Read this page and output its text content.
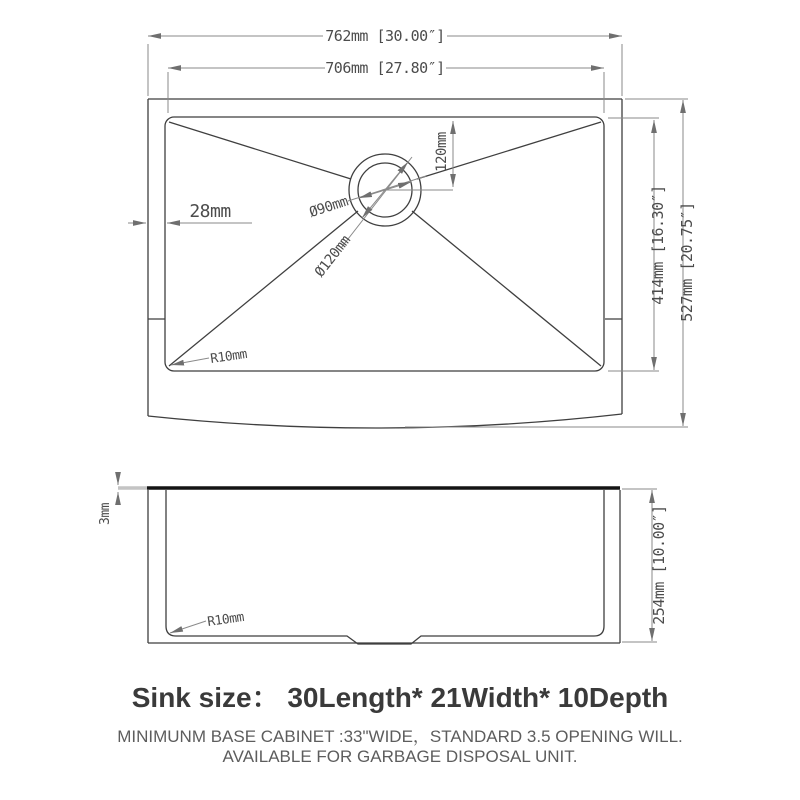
762mm [30.00″]
706mm [27.80″]
28mm
120mm
Ø90mm
Ø120mm
R10mm
414mm [16.30″] 527mm [20.75″]
3mm
R10mm	254mm [10.00″]
Sink size： 30Length* 21Width* 10Depth
MINIMUNM BASE CABINET :33"WIDE，STANDARD 3.5 OPENING WILL.
AVAILABLE FOR GARBAGE DISPOSAL UNIT.
